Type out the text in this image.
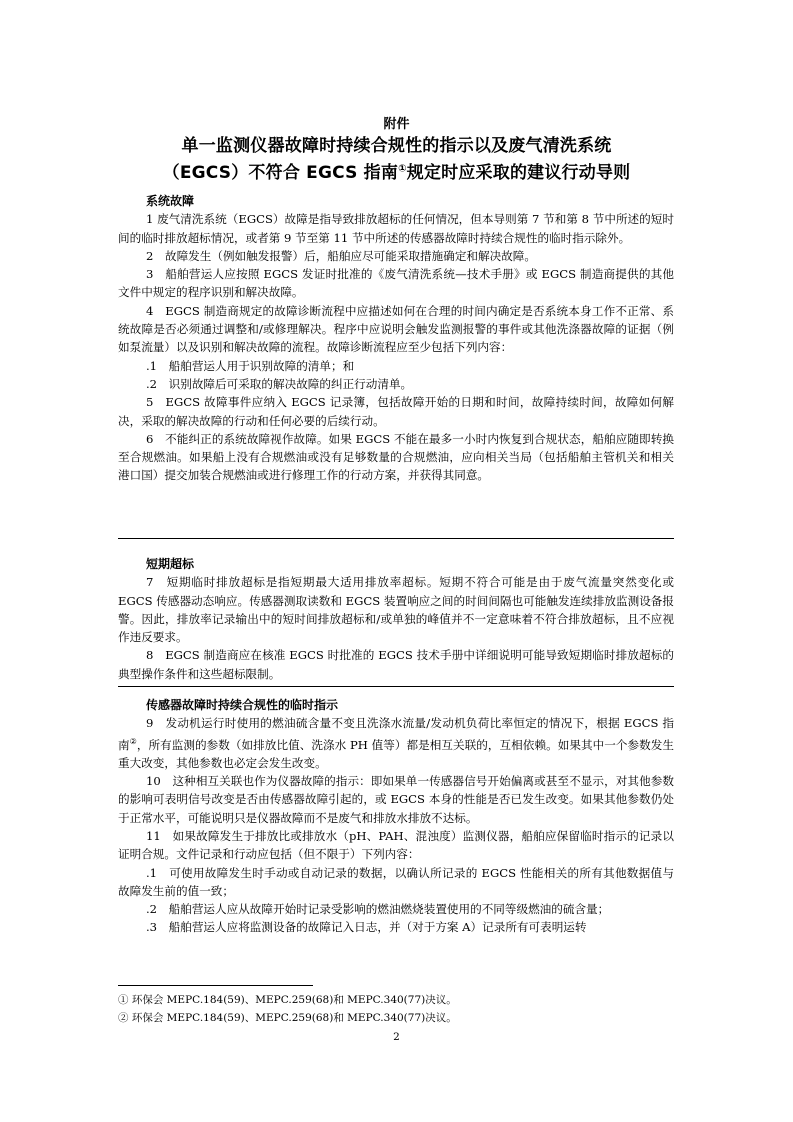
附件
单一监测仪器故障时持续合规性的指示以及废气清洗系统
（EGCS）不符合 EGCS 指南①规定时应采取的建议行动导则
系统故障

1 废气清洗系统（EGCS）故障是指导致排放超标的任何情况，但本导则第 7 节和第 8 节中所述的短时间的临时排放超标情况，或者第 9 节至第 11 节中所述的传感器故障时持续合规性的临时指示除外。

2　故障发生（例如触发报警）后，船舶应尽可能采取措施确定和解决故障。

3　船舶营运人应按照 EGCS 发证时批准的《废气清洗系统—技术手册》或 EGCS 制造商提供的其他文件中规定的程序识别和解决故障。

4　EGCS 制造商规定的故障诊断流程中应描述如何在合理的时间内确定是否系统本身工作不正常、系统故障是否必须通过调整和/或修理解决。程序中应说明会触发监测报警的事件或其他洗涤器故障的证据（例如泵流量）以及识别和解决故障的流程。故障诊断流程应至少包括下列内容：

.1　船舶营运人用于识别故障的清单；和

.2　识别故障后可采取的解决故障的纠正行动清单。

5　EGCS 故障事件应纳入 EGCS 记录簿，包括故障开始的日期和时间，故障持续时间，故障如何解决，采取的解决故障的行动和任何必要的后续行动。

6　不能纠正的系统故障视作故障。如果 EGCS 不能在最多一小时内恢复到合规状态，船舶应随即转换至合规燃油。如果船上没有合规燃油或没有足够数量的合规燃油，应向相关当局（包括船舶主管机关和相关港口国）提交加装合规燃油或进行修理工作的行动方案，并获得其同意。

短期超标

7　短期临时排放超标是指短期最大适用排放率超标。短期不符合可能是由于废气流量突然变化或 EGCS 传感器动态响应。传感器测取读数和 EGCS 装置响应之间的时间间隔也可能触发连续排放监测设备报警。因此，排放率记录输出中的短时间排放超标和/或单独的峰值并不一定意味着不符合排放超标，且不应视作违反要求。

8　EGCS 制造商应在核准 EGCS 时批准的 EGCS 技术手册中详细说明可能导致短期临时排放超标的典型操作条件和这些超标限制。

传感器故障时持续合规性的临时指示

9　发动机运行时使用的燃油硫含量不变且洗涤水流量/发动机负荷比率恒定的情况下，根据 EGCS 指南②，所有监测的参数（如排放比值、洗涤水 PH 值等）都是相互关联的，互相依赖。如果其中一个参数发生重大改变，其他参数也必定会发生改变。

10　这种相互关联也作为仪器故障的指示：即如果单一传感器信号开始偏离或甚至不显示，对其他参数的影响可表明信号改变是否由传感器故障引起的，或 EGCS 本身的性能是否已发生改变。如果其他参数仍处于正常水平，可能说明只是仪器故障而不是废气和排放水排放不达标。

11　如果故障发生于排放比或排放水（pH、PAH、混浊度）监测仪器，船舶应保留临时指示的记录以证明合规。文件记录和行动应包括（但不限于）下列内容：

.1　可使用故障发生时手动或自动记录的数据，以确认所记录的 EGCS 性能相关的所有其他数据值与故障发生前的值一致；

.2　船舶营运人应从故障开始时记录受影响的燃油燃烧装置使用的不同等级燃油的硫含量；

.3　船舶营运人应将监测设备的故障记入日志，并（对于方案 A）记录所有可表明运转

① 环保会 MEPC.184(59)、MEPC.259(68)和 MEPC.340(77)决议。
② 环保会 MEPC.184(59)、MEPC.259(68)和 MEPC.340(77)决议。
2
